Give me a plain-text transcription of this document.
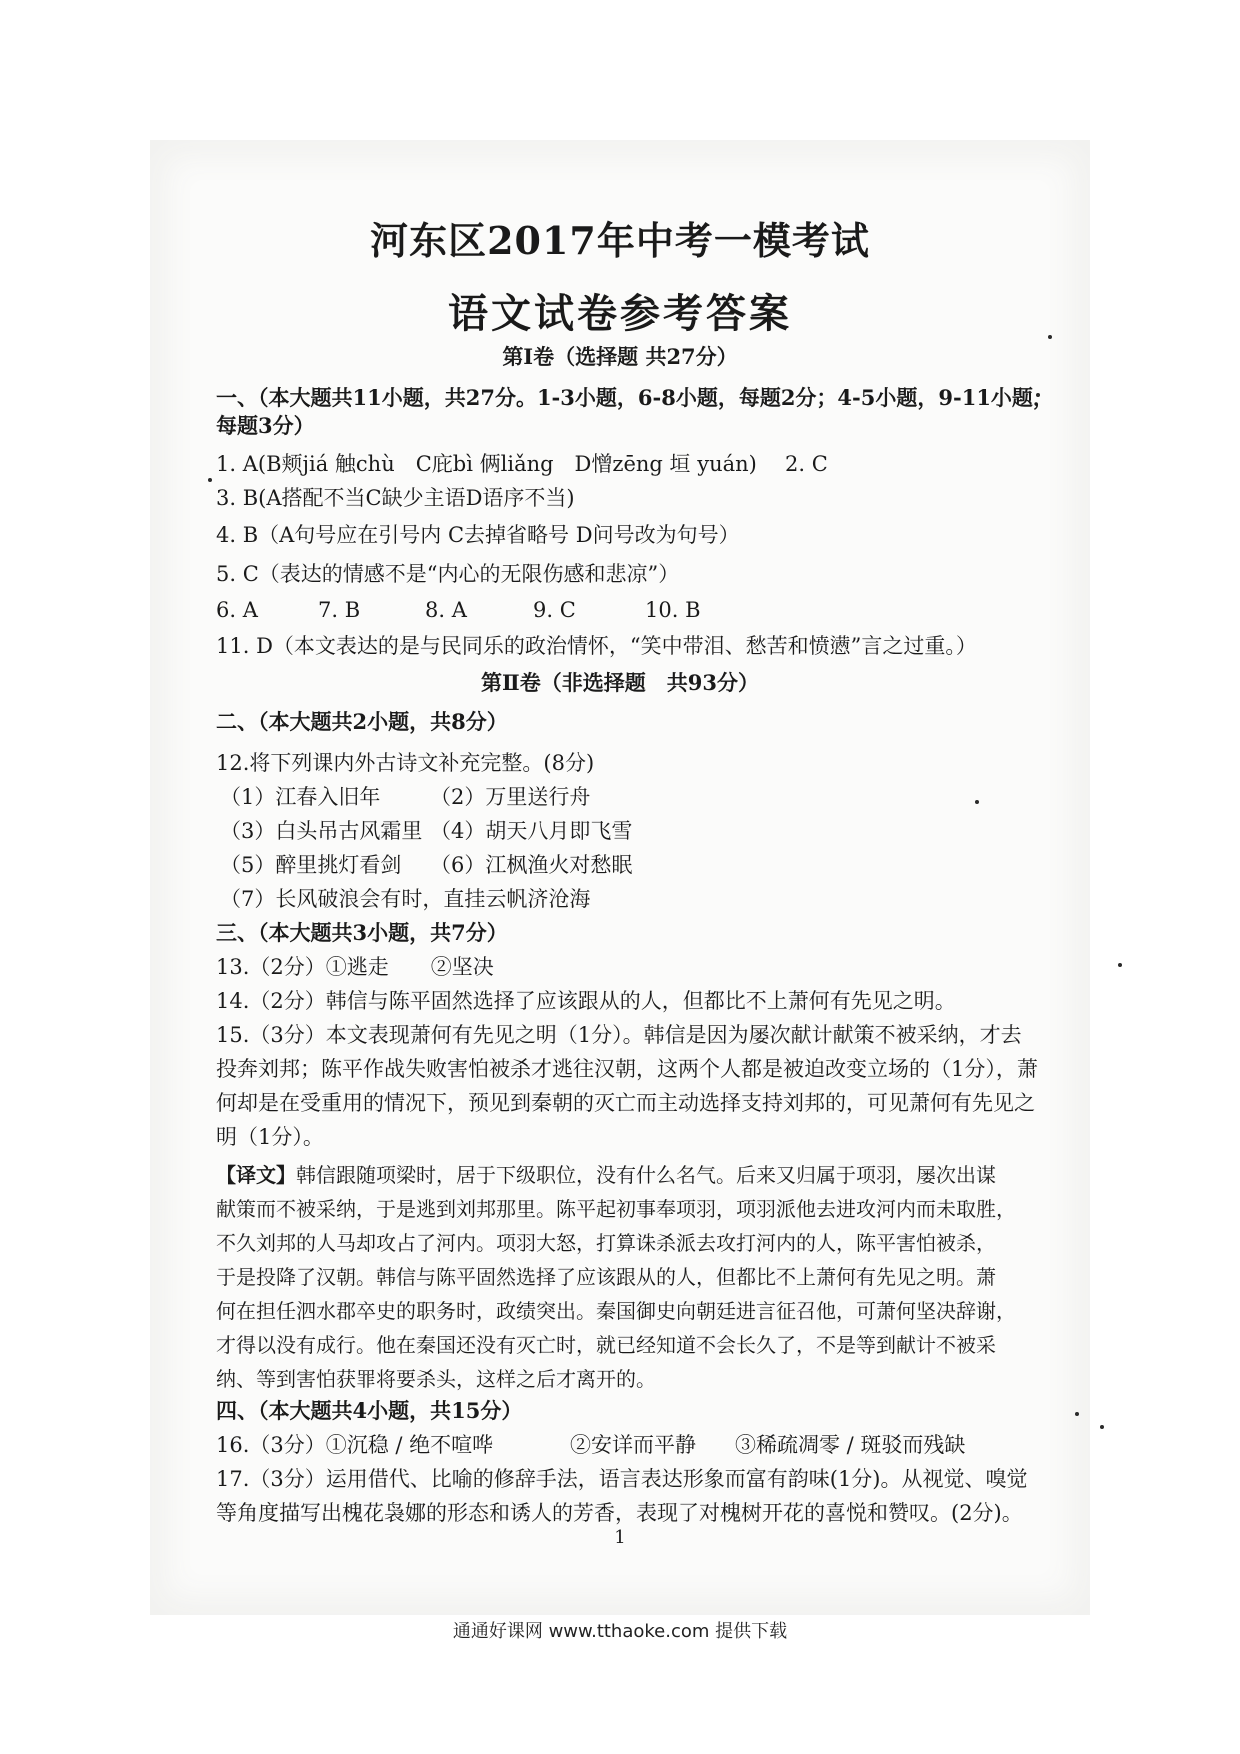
河东区2017年中考一模考试
语文试卷参考答案
第Ⅰ卷（选择题 共27分）
一、（本大题共11小题，共27分。1-3小题，6-8小题，每题2分；4-5小题，9-11小题，
每题3分）
1. A(B颊jiá 触chù　C庇bì 俩liǎng　D憎zēng 垣 yuán) 2. C
3. B(A搭配不当C缺少主语D语序不当)
4. B（A句号应在引号内 C去掉省略号 D问号改为句号）
5. C（表达的情感不是“内心的无限伤感和悲凉”）
6. A	7. B	8. A	9. C	10. B
11. D（本文表达的是与民同乐的政治情怀，“笑中带泪、愁苦和愤懑”言之过重。）
第Ⅱ卷（非选择题　共93分）
二、（本大题共2小题，共8分）
12.将下列课内外古诗文补充完整。(8分)
（1）江春入旧年 （2）万里送行舟
（3）白头吊古风霜里 （4）胡天八月即飞雪
（5）醉里挑灯看剑 （6）江枫渔火对愁眠
（7）长风破浪会有时，直挂云帆济沧海
三、（本大题共3小题，共7分）
13.（2分）①逃走　　②坚决
14.（2分）韩信与陈平固然选择了应该跟从的人，但都比不上萧何有先见之明。
15.（3分）本文表现萧何有先见之明（1分）。韩信是因为屡次献计献策不被采纳，才去
投奔刘邦；陈平作战失败害怕被杀才逃往汉朝，这两个人都是被迫改变立场的（1分），萧
何却是在受重用的情况下，预见到秦朝的灭亡而主动选择支持刘邦的，可见萧何有先见之
明（1分）。
【译文】韩信跟随项梁时，居于下级职位，没有什么名气。后来又归属于项羽，屡次出谋
献策而不被采纳，于是逃到刘邦那里。陈平起初事奉项羽，项羽派他去进攻河内而未取胜，
不久刘邦的人马却攻占了河内。项羽大怒，打算诛杀派去攻打河内的人，陈平害怕被杀，
于是投降了汉朝。韩信与陈平固然选择了应该跟从的人，但都比不上萧何有先见之明。萧
何在担任泗水郡卒史的职务时，政绩突出。秦国御史向朝廷进言征召他，可萧何坚决辞谢，
才得以没有成行。他在秦国还没有灭亡时，就已经知道不会长久了，不是等到献计不被采
纳、等到害怕获罪将要杀头，这样之后才离开的。
四、（本大题共4小题，共15分）
16.（3分）①沉稳 / 绝不喧哗	②安详而平静 ③稀疏凋零 / 斑驳而残缺
17.（3分）运用借代、比喻的修辞手法，语言表达形象而富有韵味(1分)。从视觉、嗅觉
等角度描写出槐花袅娜的形态和诱人的芳香，表现了对槐树开花的喜悦和赞叹。(2分)。
1
通通好课网 www.tthaoke.com 提供下载
